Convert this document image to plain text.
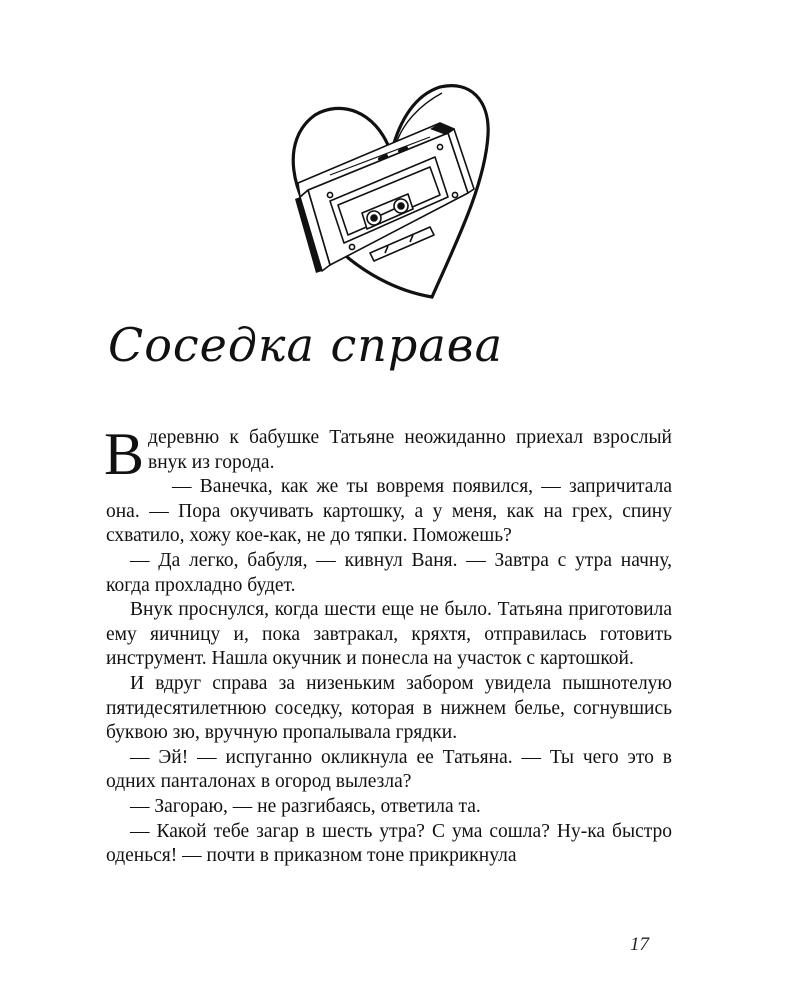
Соседка справа

В деревню к бабушке Татьяне неожиданно приехал взрослый внук из города.

— Ванечка, как же ты вовремя появился, — запричитала она. — Пора окучивать картошку, а у меня, как на грех, спину схватило, хожу кое-как, не до тяпки. Поможешь?

— Да легко, бабуля, — кивнул Ваня. — Завтра с утра начну, когда прохладно будет.

Внук проснулся, когда шести еще не было. Татьяна приготовила ему яичницу и, пока завтракал, кряхтя, отправилась готовить инструмент. Нашла окучник и понесла на участок с картошкой.

И вдруг справа за низеньким забором увидела пышнотелую пятидесятилетнюю соседку, которая в нижнем белье, согнувшись буквою зю, вручную пропалывала грядки.

— Эй! — испуганно окликнула ее Татьяна. — Ты чего это в одних панталонах в огород вылезла?

— Загораю, — не разгибаясь, ответила та.

— Какой тебе загар в шесть утра? С ума сошла? Ну-ка быстро оденься! — почти в приказном тоне прикрикнула

17
